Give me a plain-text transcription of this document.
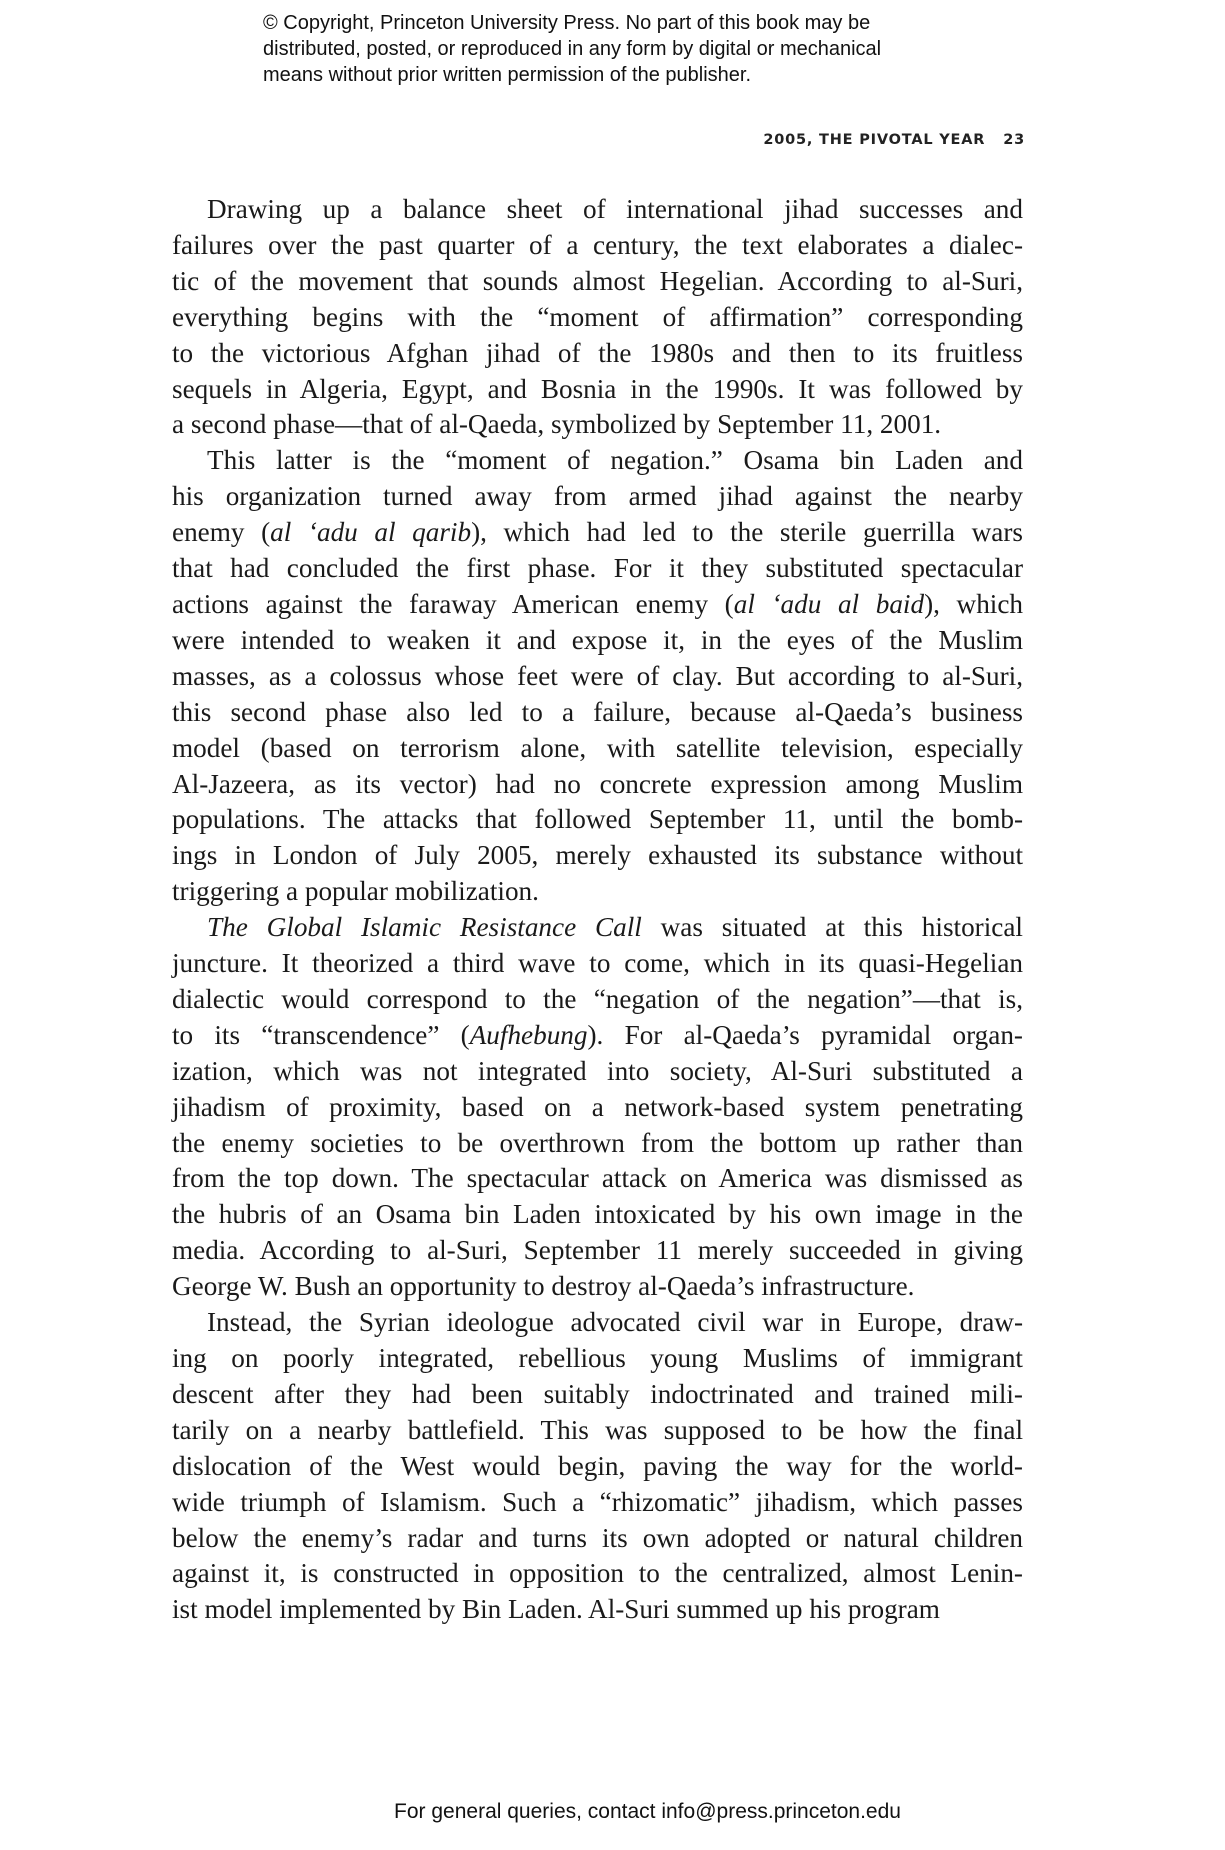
© Copyright, Princeton University Press. No part of this book may be
distributed, posted, or reproduced in any form by digital or mechanical
means without prior written permission of the publisher.
2005, THE PIVOTAL YEAR 23
Drawing up a balance sheet of international jihad successes and
failures over the past quarter of a century, the text elaborates a dialec-
tic of the movement that sounds almost Hegelian. According to al-Suri,
everything begins with the “moment of affirmation” corresponding
to the victorious Afghan jihad of the 1980s and then to its fruitless
sequels in Algeria, Egypt, and Bosnia in the 1990s. It was followed by
a second phase—that of al-Qaeda, symbolized by September 11, 2001.
This latter is the “moment of negation.” Osama bin Laden and
his organization turned away from armed jihad against the nearby
enemy (al ‘adu al qarib), which had led to the sterile guerrilla wars
that had concluded the first phase. For it they substituted spectacular
actions against the faraway American enemy (al ‘adu al baid), which
were intended to weaken it and expose it, in the eyes of the Muslim
masses, as a colossus whose feet were of clay. But according to al-Suri,
this second phase also led to a failure, because al-Qaeda’s business
model (based on terrorism alone, with satellite television, especially
Al-Jazeera, as its vector) had no concrete expression among Muslim
populations. The attacks that followed September 11, until the bomb-
ings in London of July 2005, merely exhausted its substance without
triggering a popular mobilization.
The Global Islamic Resistance Call was situated at this historical
juncture. It theorized a third wave to come, which in its quasi-Hegelian
dialectic would correspond to the “negation of the negation”—that is,
to its “transcendence” (Aufhebung). For al-Qaeda’s pyramidal organ-
ization, which was not integrated into society, Al-Suri substituted a
jihadism of proximity, based on a network-based system penetrating
the enemy societies to be overthrown from the bottom up rather than
from the top down. The spectacular attack on America was dismissed as
the hubris of an Osama bin Laden intoxicated by his own image in the
media. According to al-Suri, September 11 merely succeeded in giving
George W. Bush an opportunity to destroy al-Qaeda’s infrastructure.
Instead, the Syrian ideologue advocated civil war in Europe, draw-
ing on poorly integrated, rebellious young Muslims of immigrant
descent after they had been suitably indoctrinated and trained mili-
tarily on a nearby battlefield. This was supposed to be how the final
dislocation of the West would begin, paving the way for the world-
wide triumph of Islamism. Such a “rhizomatic” jihadism, which passes
below the enemy’s radar and turns its own adopted or natural children
against it, is constructed in opposition to the centralized, almost Lenin-
ist model implemented by Bin Laden. Al-Suri summed up his program
For general queries, contact info@press.princeton.edu
